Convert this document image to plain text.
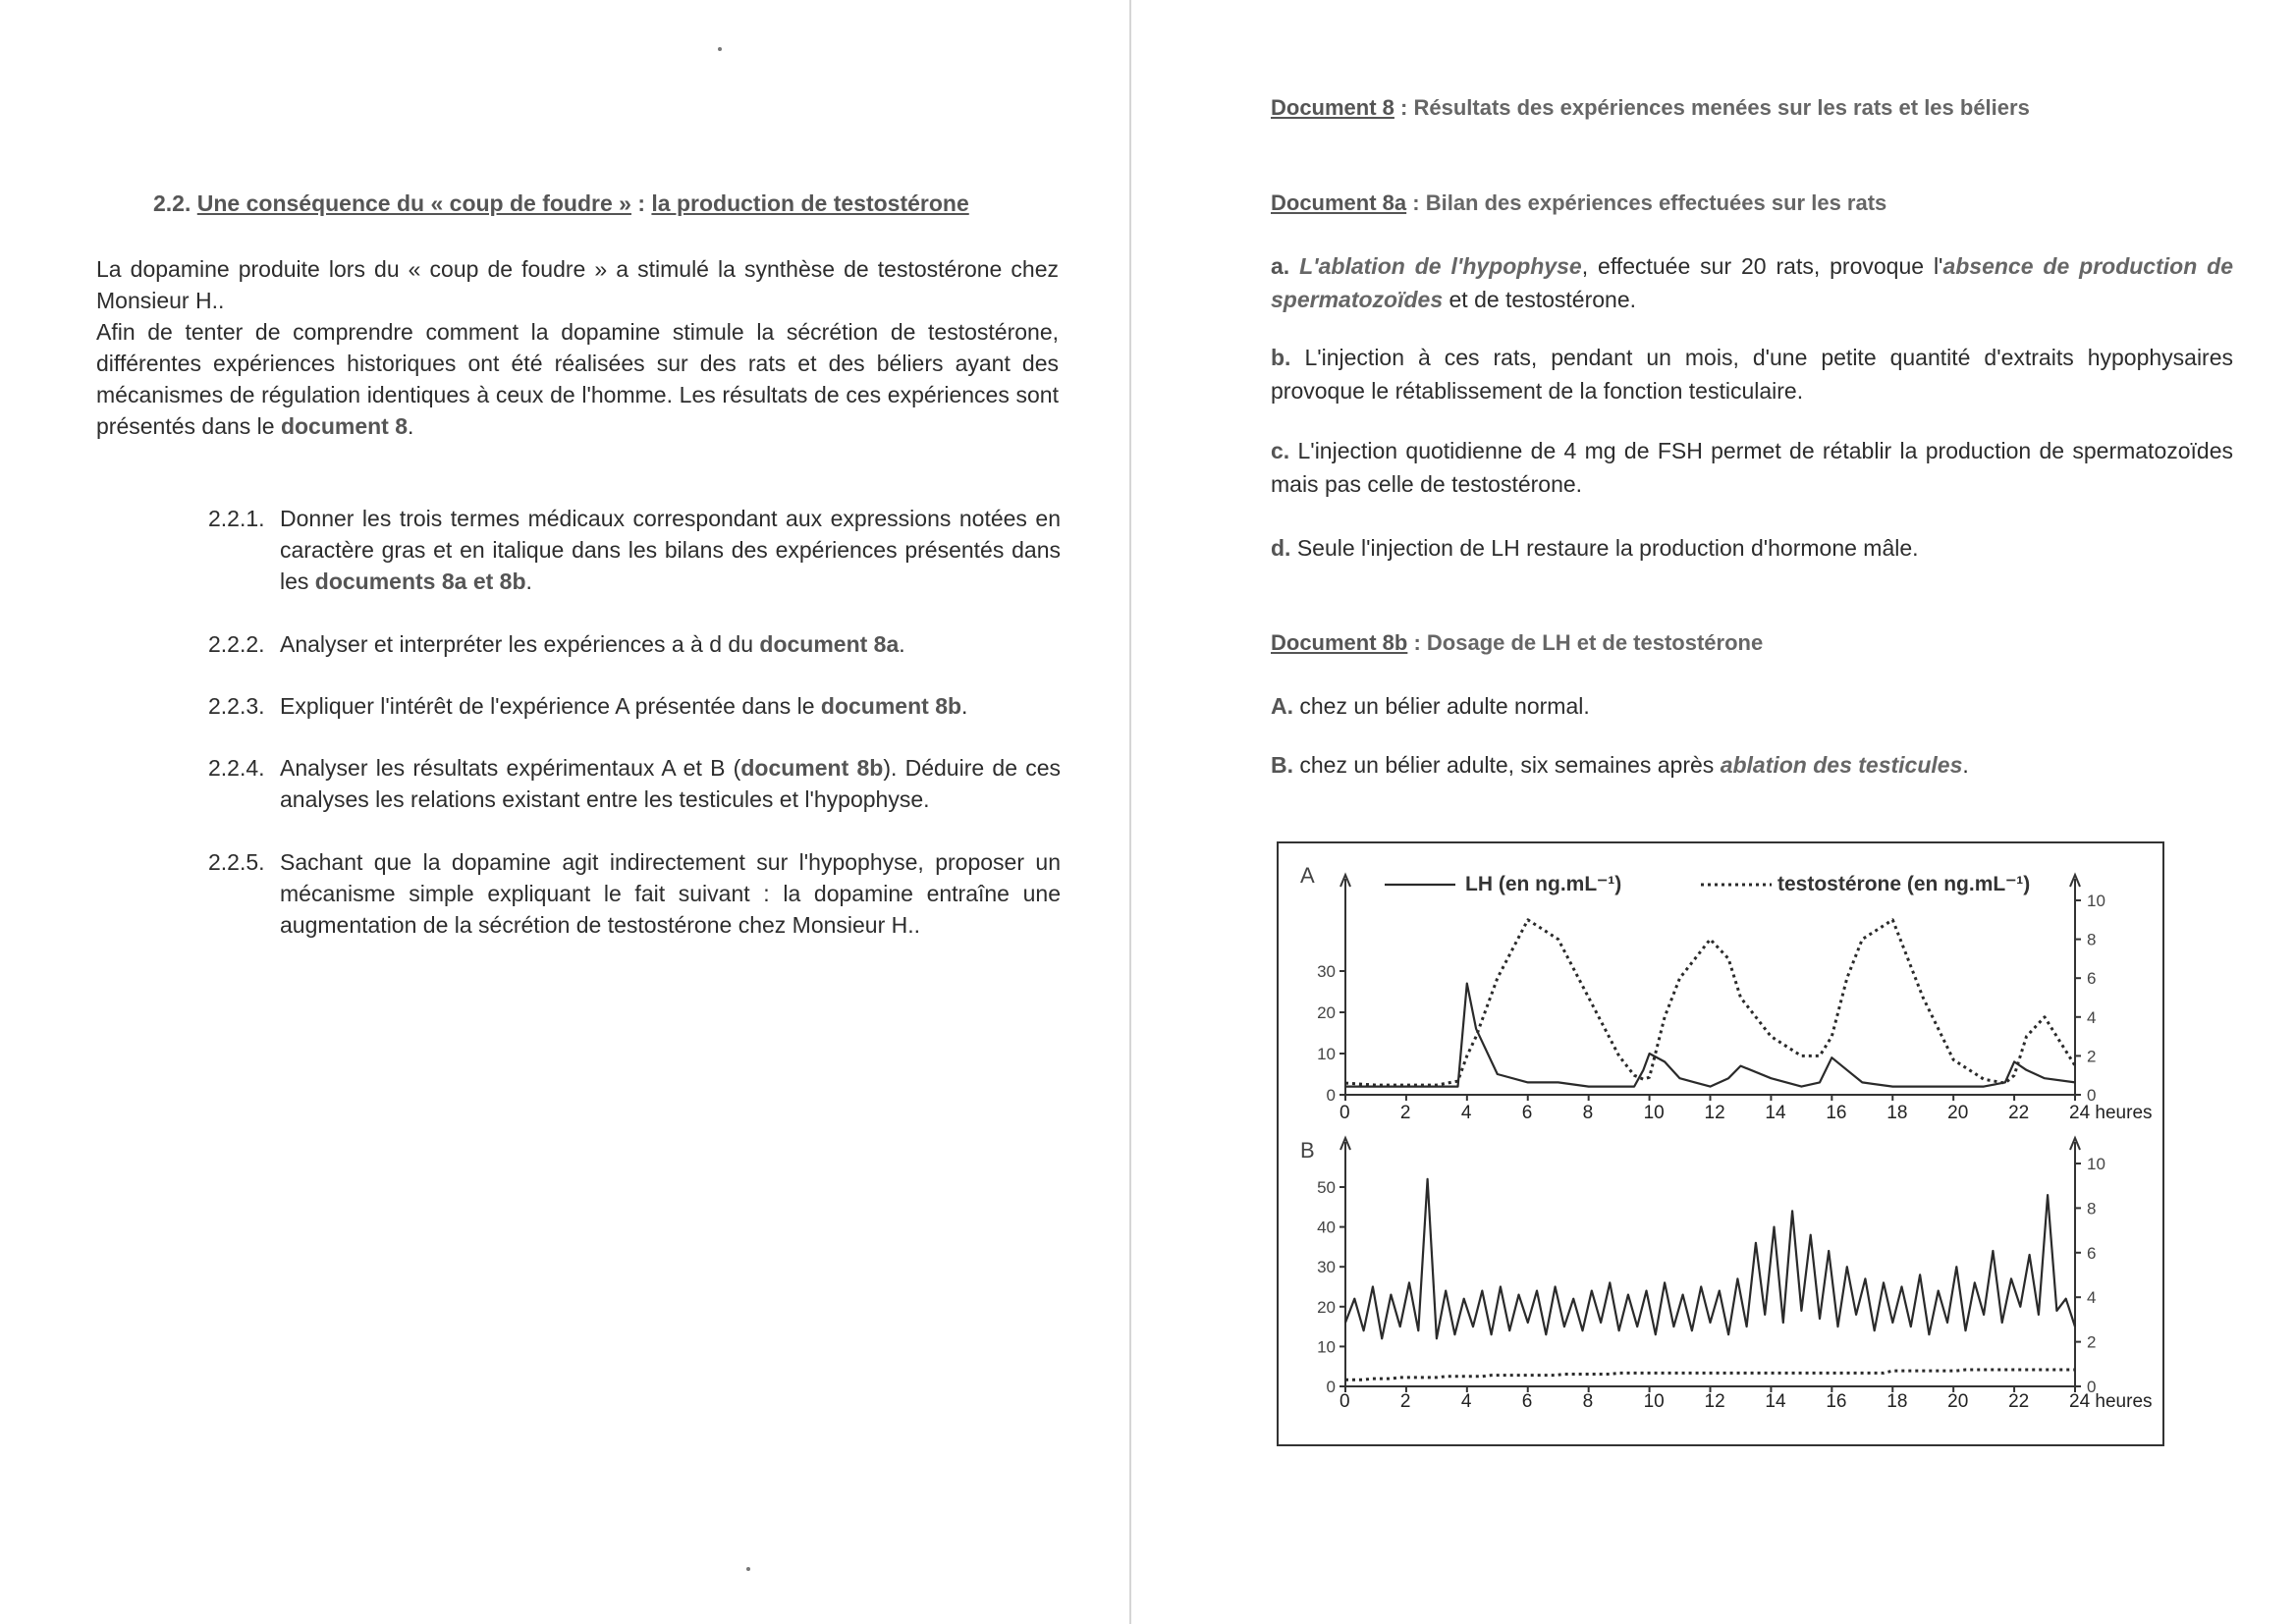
2.2. Une conséquence du « coup de foudre » : la production de testostérone

La dopamine produite lors du « coup de foudre » a stimulé la synthèse de testostérone chez Monsieur H..

Afin de tenter de comprendre comment la dopamine stimule la sécrétion de testostérone, différentes expériences historiques ont été réalisées sur des rats et des béliers ayant des mécanismes de régulation identiques à ceux de l'homme. Les résultats de ces expériences sont présentés dans le document 8.

2.2.1. Donner les trois termes médicaux correspondant aux expressions notées en caractère gras et en italique dans les bilans des expériences présentés dans les documents 8a et 8b.
2.2.2. Analyser et interpréter les expériences a à d du document 8a.
2.2.3. Expliquer l'intérêt de l'expérience A présentée dans le document 8b.
2.2.4. Analyser les résultats expérimentaux A et B (document 8b). Déduire de ces analyses les relations existant entre les testicules et l'hypophyse.
2.2.5. Sachant que la dopamine agit indirectement sur l'hypophyse, proposer un mécanisme simple expliquant le fait suivant : la dopamine entraîne une augmentation de la sécrétion de testostérone chez Monsieur H..
Document 8 : Résultats des expériences menées sur les rats et les béliers
Document 8a : Bilan des expériences effectuées sur les rats
a. L'ablation de l'hypophyse, effectuée sur 20 rats, provoque l'absence de production de spermatozoïdes et de testostérone.
b. L'injection à ces rats, pendant un mois, d'une petite quantité d'extraits hypophysaires provoque le rétablissement de la fonction testiculaire.
c. L'injection quotidienne de 4 mg de FSH permet de rétablir la production de spermatozoïdes mais pas celle de testostérone.
d. Seule l'injection de LH restaure la production d'hormone mâle.
Document 8b : Dosage de LH et de testostérone
A. chez un bélier adulte normal.
B. chez un bélier adulte, six semaines après ablation des testicules.
A
0
10
20
30
0
2
4
6
8
10
0	2	4	6	8	10 12 14 16 18 20 22 24 heures
B
0
10
20
30
40
50
0
2
4
6
8
10
0	2	4	6	8	10 12 14 16 18 20 22 24 heures
LH (en ng.mL⁻¹)	testostérone (en ng.mL⁻¹)
